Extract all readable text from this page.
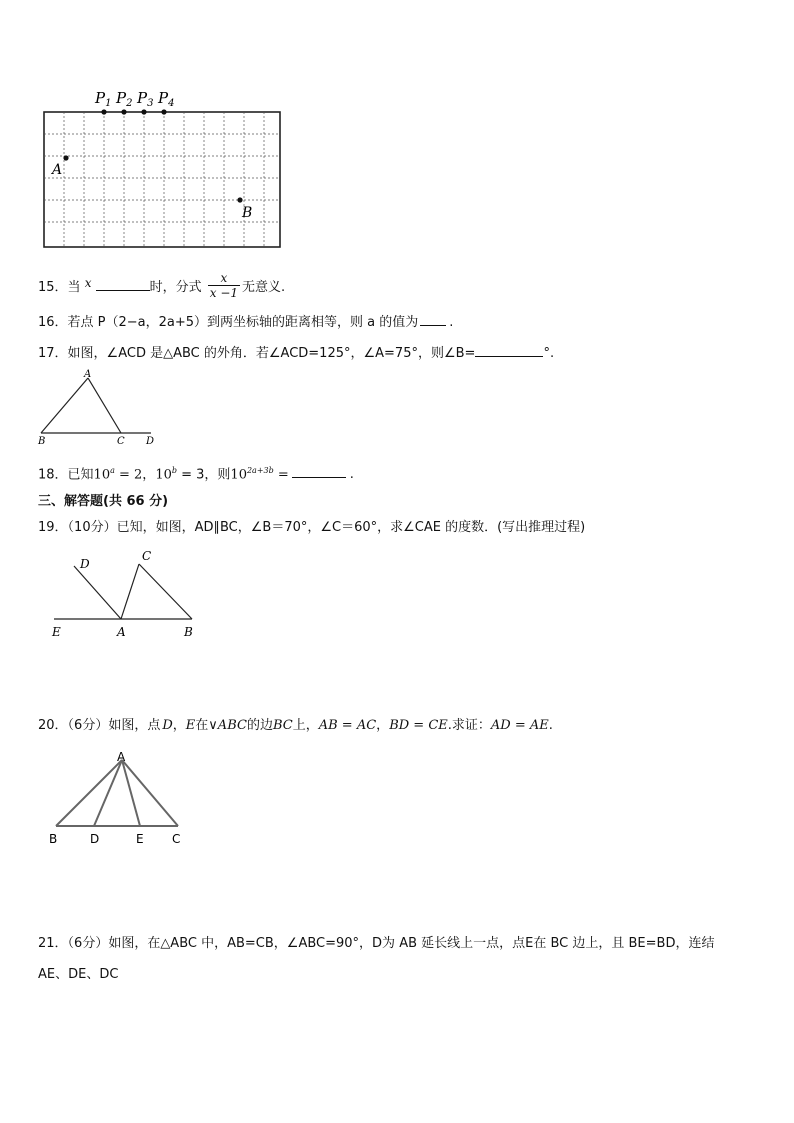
$P_1$ $P_2$ $P_3$ $P_4$
A
B
15．当 x	时，分式 $\frac{x}{x -1}$ 无意义.
16．若点 P（2−a，2a+5）到两坐标轴的距离相等，则 a 的值为 .
17．如图，∠ACD 是△ABC 的外角．若∠ACD=125°，∠A=75°，则∠B=	°.
A
B	C D
18．已知$10^a = 2$，$10^b = 3$，则$10^{2a+3b}$ =	.
三、解答题(共 66 分)
19．（10分）已知，如图，AD∥BC，∠B＝70°，∠C＝60°，求∠CAE 的度数．(写出推理过程)
D
C
E	A	B
20．（6分）如图，点 D，E在∨ABC的边BC上，AB = AC，BD = CE.求证：AD = AE.
A
B	D	E C
21．（6分）如图，在△ABC 中，AB=CB，∠ABC=90°，D为 AB 延长线上一点，点E在 BC 边上，且 BE=BD，连结
AE、DE、DC
